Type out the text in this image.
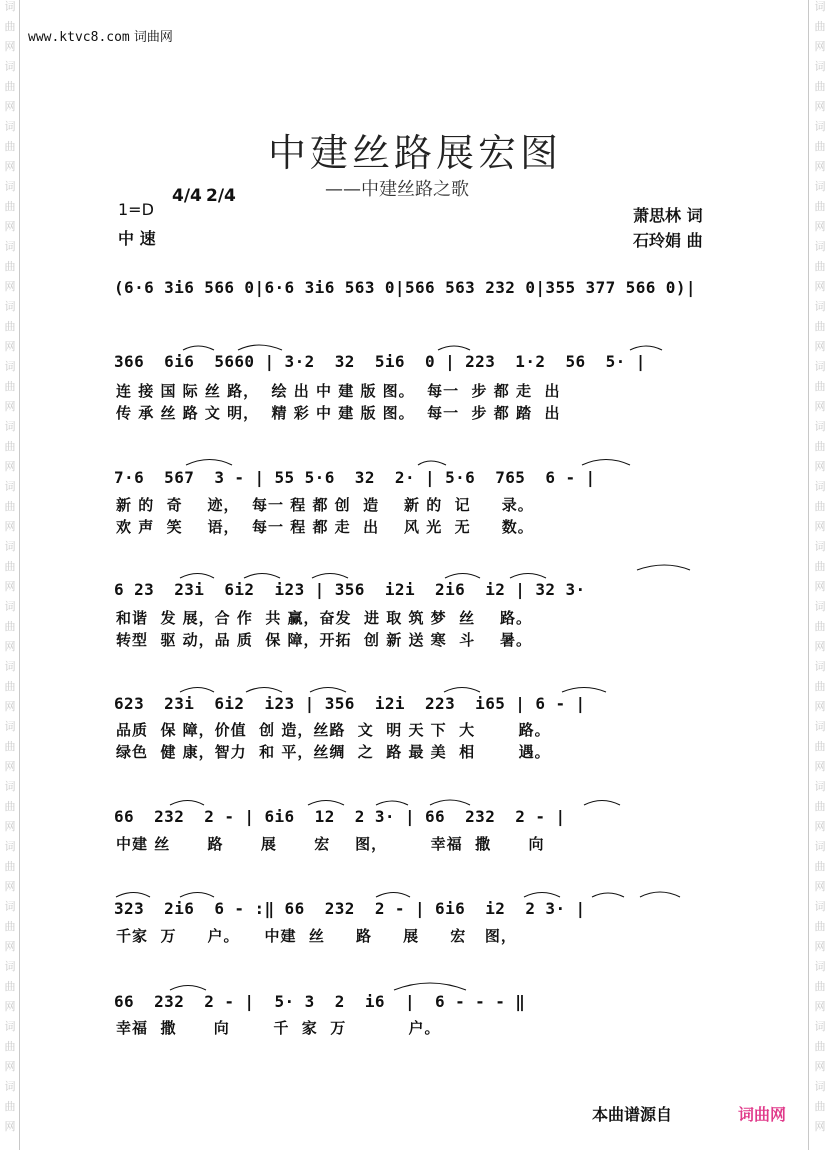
词
曲
网
词
曲
网
词
曲
网
词
曲
网
词
曲
网
词
曲
网
词
曲
网
词
曲
网
词
曲
网
词
曲
网
词
曲
网
词
曲
网
词
曲
网
词
曲
网
词
曲
网
词
曲
网
词
曲
网
词
曲
网
词
曲
网
词
曲
网
词
曲
网
词
曲
网
词
曲
网
词
曲
网
词
曲
网
词
曲
网
词
曲
网
词
曲
网
词
曲
网
词
曲
网
词
曲
网
词
曲
网
词
曲
网
词
曲
网
词
曲
网
词
曲
网
词
曲
网
词
曲
网
www.ktvc8.com 词曲网
中建丝路展宏图
——中建丝路之歌
1=D
中 速
4/4 2/4
萧思林 词
石玲娟 曲
(6·6 3i6 566 0|6·6 3i6 563 0|566 563 232 0|355 377 566 0)|
366  6i6  5660 | 3·2  32  5i6  0 | 223  1·2  56  5· |
连 接 国 际 丝 路，  绘 出 中 建 版 图。  每一  步 都 走  出
传 承 丝 路 文 明，  精 彩 中 建 版 图。  每一  步 都 踏  出
7·6  567  3 - | 55 5·6  32  2· | 5·6  765  6 - |
新 的  奇    迹，  每一 程 都 创  造    新 的  记     录。
欢 声  笑    语，  每一 程 都 走  出    风 光  无     数。
6 23  23i  6i2  i23 | 356  i2i  2i6  i2 | 32 3·
和谐  发 展，合 作  共 赢，奋发  进 取 筑 梦  丝    路。
转型  驱 动，品 质  保 障，开拓  创 新 送 寒  斗    暑。
623  23i  6i2  i23 | 356  i2i  223  i65 | 6 - |
品质  保 障，价值  创 造，丝路  文  明 天 下  大       路。
绿色  健 康，智力  和 平，丝绸  之  路 最 美  相       遇。
66  232  2 - | 6i6  12  2 3· | 66  232  2 - |
中建 丝      路      展      宏    图，       幸福  撒      向
323  2i6  6 - :‖ 66  232  2 - | 6i6  i2  2 3· |
千家  万     户。    中建  丝     路     展     宏   图，
66  232  2 - |  5· 3  2  i6  |  6 - - - ‖
幸福  撒      向       千  家  万          户。
本曲谱源自	词曲网
